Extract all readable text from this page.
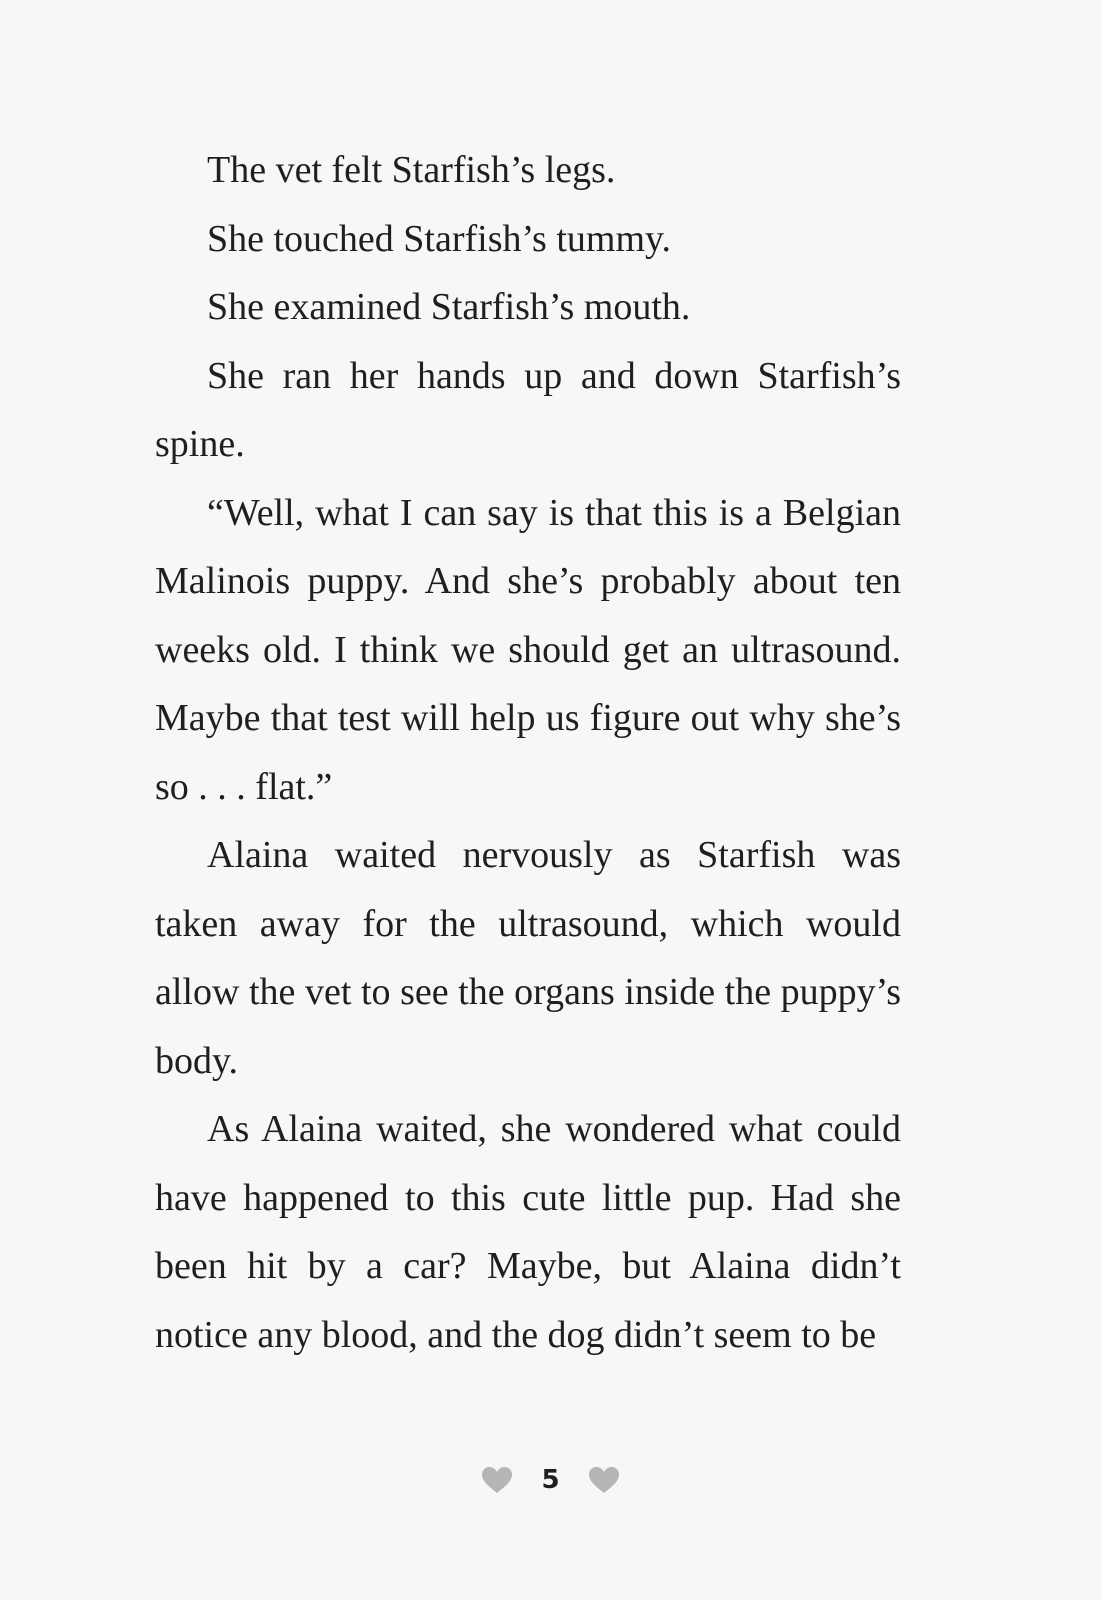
The vet felt Starfish’s legs.

She touched Starfish’s tummy.

She examined Starfish’s mouth.

She ran her hands up and down Starfish’s spine.

“Well, what I can say is that this is a Belgian Malinois puppy. And she’s probably about ten weeks old. I think we should get an ultrasound. Maybe that test will help us figure out why she’s so . . . flat.”

Alaina waited nervously as Starfish was taken away for the ultrasound, which would allow the vet to see the organs inside the puppy’s body.

As Alaina waited, she wondered what could have happened to this cute little pup. Had she been hit by a car? Maybe, but Alaina didn’t notice any blood, and the dog didn’t seem to be

5
